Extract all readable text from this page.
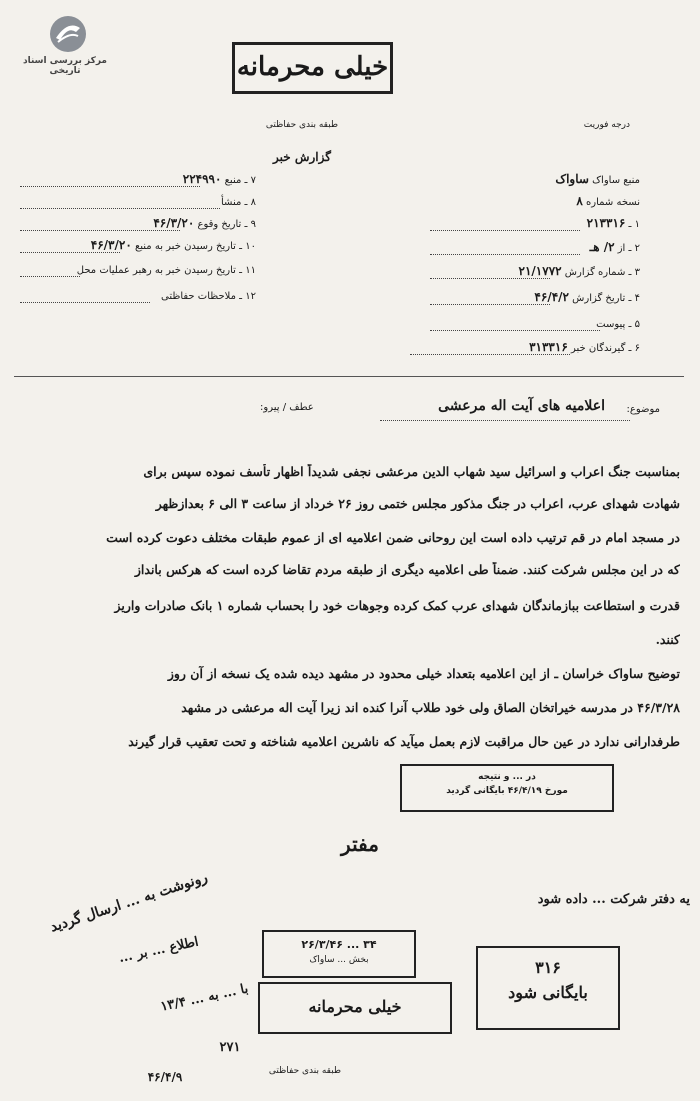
مرکز بررسی اسناد تاریخی	خیلی محرمانه
طبقه بندی حفاظتی
گزارش خبر
درجه فوریت
۷ ـ منبع ۲۲۴۹۹۰
۸ ـ منشأ
۹ ـ تاریخ وقوع ۴۶/۳/۲۰
۱۰ ـ تاریخ رسیدن خبر به منبع ۴۶/۳/۲۰
۱۱ ـ تاریخ رسیدن خبر به رهبر عملیات محل
۱۲ ـ ملاحظات حفاظتی
منبع ساواک ساواک
نسخه شماره ۸
۱ ـ ۲۱۳۳۱۶
۲ ـ از ۲/ هـ
۳ ـ شماره گزارش ۲۱/۱۷۷۲
۴ ـ تاریخ گزارش ۴۶/۴/۲
۵ ـ پیوست
۶ ـ گیرندگان خبر ۳۱۳۳۱۶
موضوع:
اعلامیه های آیت اله مرعشی
عطف / پیرو:
بمناسبت جنگ اعراب و اسرائیل سید شهاب الدین مرعشی نجفی شدیداً اظهار تأسف نموده سپس برای
شهادت شهدای عرب، اعراب در جنگ مذکور مجلس ختمی روز ۲۶ خرداد از ساعت ۳ الی ۶ بعدازظهر
در مسجد امام در قم ترتیب داده است این روحانی ضمن اعلامیه ای از عموم طبقات مختلف دعوت کرده است
که در این مجلس شرکت کنند. ضمناً طی اعلامیه دیگری از طبقه مردم تقاضا کرده است که هرکس بانداز
قدرت و استطاعت ببازماندگان شهدای عرب کمک کرده وجوهات خود را بحساب شماره ۱ بانک صادرات واریز
کنند.
توضیح ساواک خراسان ـ از این اعلامیه بتعداد خیلی محدود در مشهد دیده شده یک نسخه از آن روز
۴۶/۳/۲۸ در مدرسه خیراتخان الصاق ولی خود طلاب آنرا کنده اند زیرا آیت اله مرعشی در مشهد
طرفدارانی ندارد در عین حال مراقبت لازم بعمل میآید که ناشرین اعلامیه شناخته و تحت تعقیب قرار گیرند
در ... و نتیجه
مورخ ۴۶/۴/۱۹ بایگانی گردید
مفتر
یه دفتر شرکت ... داده شود
رونوشت به ... ارسال گردید
اطلاع ... بر ...
با ... به ... ۱۳/۴
۴۶/۴/۹
۲۷۱
۲۶/۳/۴۶ ... ۳۴
بخش ... ساواک
خیلی محرمانه
۳۱۶
بایگانی شود
طبقه بندی حفاظتی
